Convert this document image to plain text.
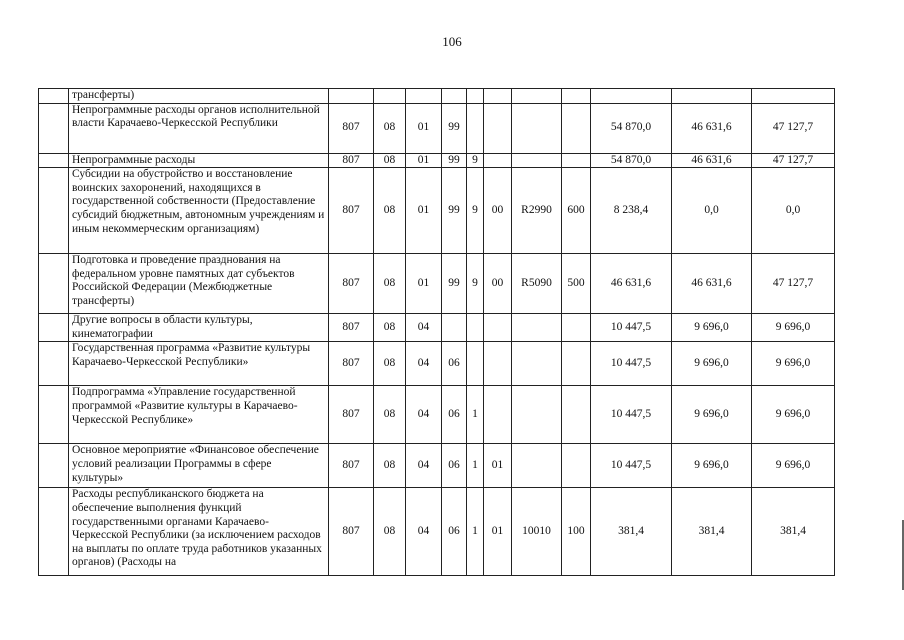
106
	трансферты)											
	Непрограммные расходы органов исполнительной власти Карачаево-Черкесской Республики	807	08	01	99					54 870,0	46 631,6	47 127,7
	Непрограммные расходы	807	08	01	99	9				54 870,0	46 631,6	47 127,7
	Субсидии на обустройство и восстановление воинских захоронений, находящихся в государственной собственности (Предоставление субсидий бюджетным, автономным учреждениям и иным некоммерческим организациям)	807	08	01	99	9	00	R2990	600	8 238,4	0,0	0,0
	Подготовка и проведение празднования на федеральном уровне памятных дат субъектов Российской Федерации (Межбюджетные трансферты)	807	08	01	99	9	00	R5090	500	46 631,6	46 631,6	47 127,7
	Другие вопросы в области культуры, кинематографии	807	08	04						10 447,5	9 696,0	9 696,0
	Государственная программа «Развитие культуры Карачаево-Черкесской Республики»	807	08	04	06					10 447,5	9 696,0	9 696,0
	Подпрограмма «Управление государственной программой «Развитие культуры в Карачаево-Черкесской Республике»	807	08	04	06	1				10 447,5	9 696,0	9 696,0
	Основное мероприятие «Финансовое обеспечение условий реализации Программы в сфере культуры»	807	08	04	06	1	01			10 447,5	9 696,0	9 696,0
	Расходы республиканского бюджета на обеспечение выполнения функций государственными органами Карачаево-Черкесской Республики (за исключением расходов на выплаты по оплате труда работников указанных органов) (Расходы на	807	08	04	06	1	01	10010	100	381,4	381,4	381,4
